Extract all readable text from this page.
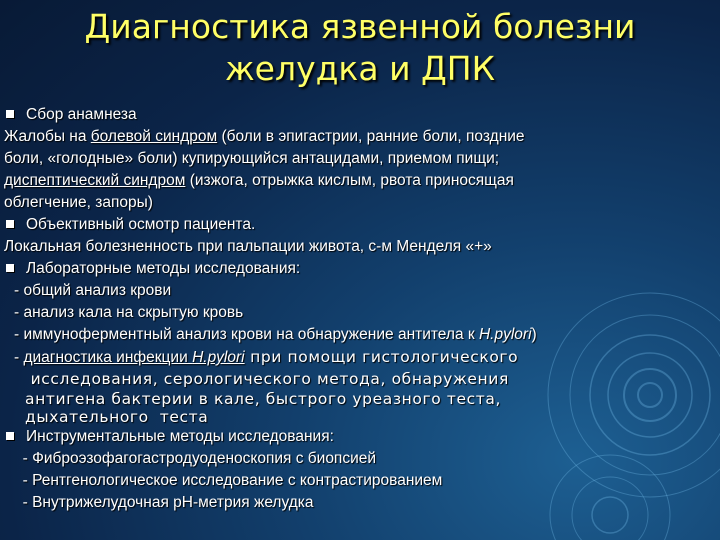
Диагностика язвенной болезни
желудка и ДПК
Сбор анамнеза
Жалобы на болевой синдром (боли в эпигастрии, ранние боли, поздние
боли, «голодные» боли) купирующийся антацидами, приемом пищи;
диспептический синдром (изжога, отрыжка кислым, рвота приносящая
облегчение, запоры)
Объективный осмотр пациента.
Локальная болезненность при пальпации живота, с-м Менделя «+»
Лабораторные методы исследования:
- общий анализ крови
- анализ кала на скрытую кровь
- иммуноферментный анализ крови на обнаружение антитела к H.pylori)
- диагностика инфекции H.pylori при помощи гистологического
исследования, серологического метода, обнаружения
антигена бактерии в кале, быстрого уреазного теста,
дыхательного  теста
Инструментальные методы исследования:
- Фиброэзофагогастродуоденоскопия с биопсией
- Рентгенологическое исследование с контрастированием
- Внутрижелудочная рН-метрия желудка
